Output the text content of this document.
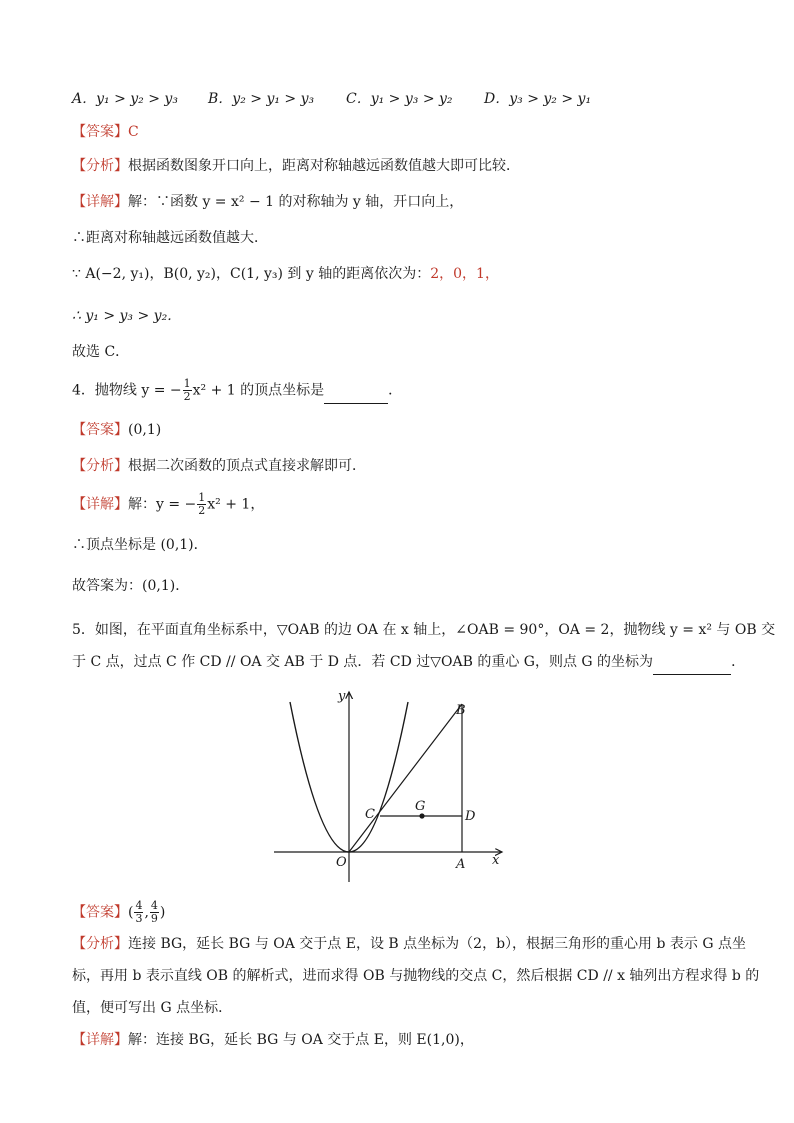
A．y₁ > y₂ > y₃ B．y₂ > y₁ > y₃ C．y₁ > y₃ > y₂ D．y₃ > y₂ > y₁
【答案】C
【分析】根据函数图象开口向上，距离对称轴越远函数值越大即可比较．
【详解】解：∵函数 y = x² − 1 的对称轴为 y 轴，开口向上，
∴距离对称轴越远函数值越大．
∵ A(−2, y₁)，B(0, y₂)，C(1, y₃) 到 y 轴的距离依次为：2，0，1，
∴ y₁ > y₃ > y₂．
故选 C．
4．抛物线 y = − $\frac{1}{2} x^2 + 1$ 的顶点坐标是	．
【答案】(0,1)
【分析】根据二次函数的顶点式直接求解即可．
【详解】解：y = − $\frac{1}{2} x^2 + 1$，
∴顶点坐标是 (0,1)．
故答案为：(0,1)．
5．如图，在平面直角坐标系中，▽OAB 的边 OA 在 x 轴上，∠OAB = 90°，OA = 2，抛物线 y = x² 与 OB 交
于 C 点，过点 C 作 CD // OA 交 AB 于 D 点．若 CD 过▽OAB 的重心 G，则点 G 的坐标为	．
y
x
O	A
B
C	D
G
【答案】( $\frac{4}{3}$ , $\frac{4}{9}$ )
【分析】连接 BG，延长 BG 与 OA 交于点 E，设 B 点坐标为（2，b），根据三角形的重心用 b 表示 G 点坐
标，再用 b 表示直线 OB 的解析式，进而求得 OB 与抛物线的交点 C，然后根据 CD // x 轴列出方程求得 b 的
值，便可写出 G 点坐标．
【详解】解：连接 BG，延长 BG 与 OA 交于点 E，则 E(1,0)，
